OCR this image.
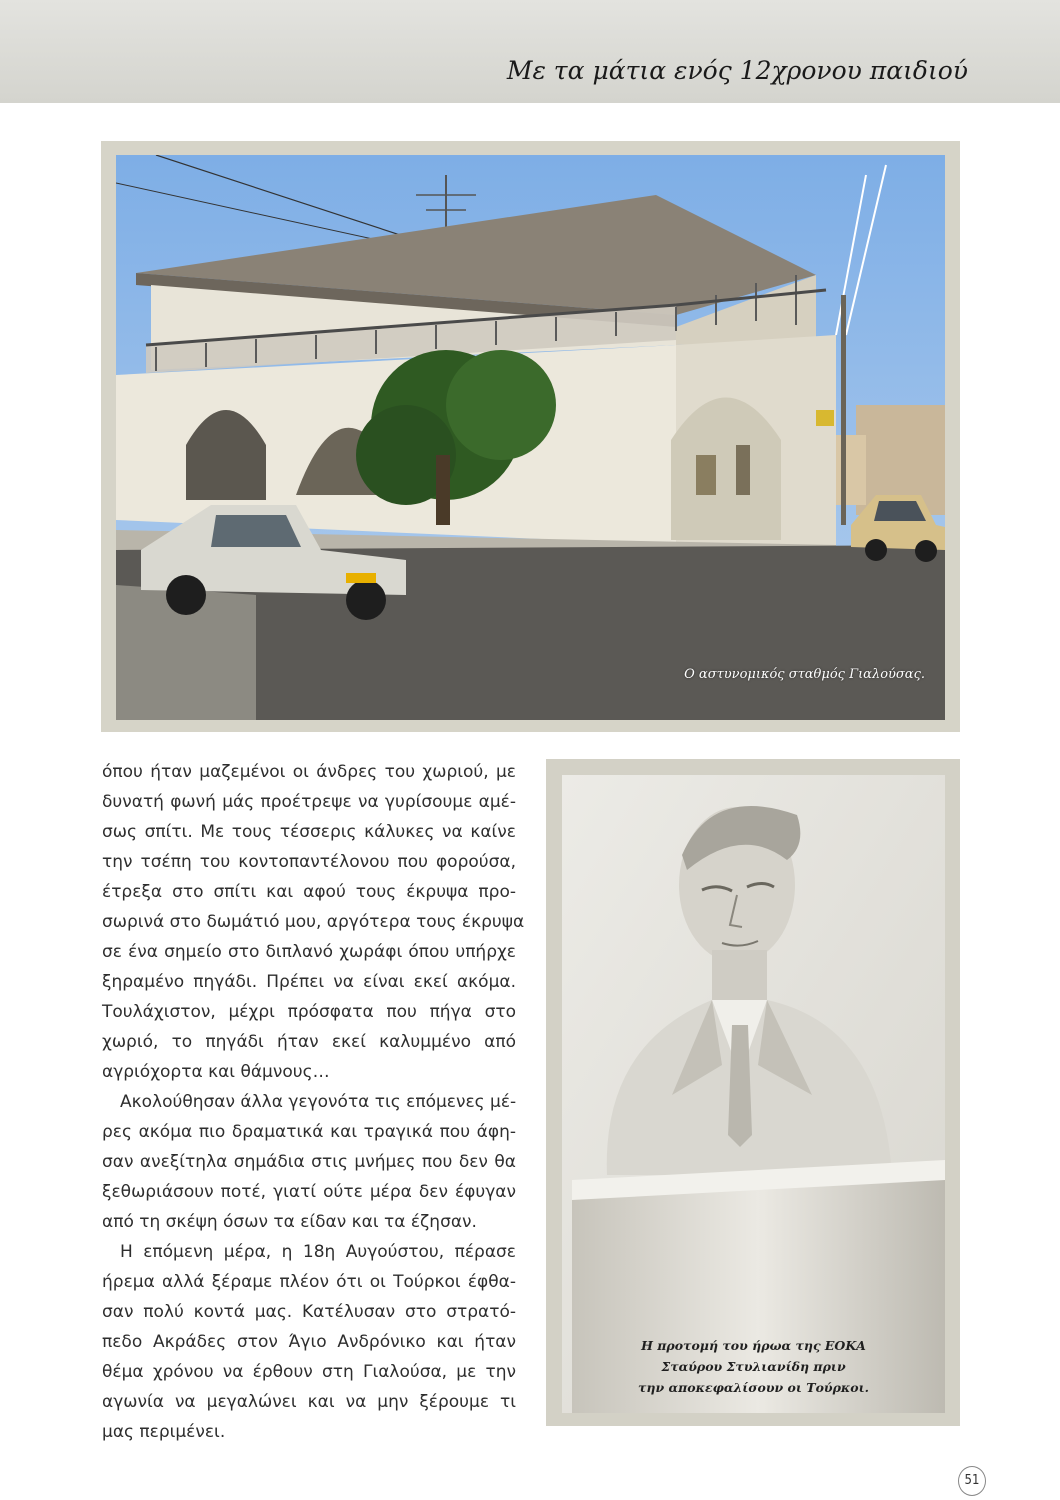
Με τα μάτια ενός 12χρονου παιδιού
Ο αστυνομικός σταθμός Γιαλούσας.
όπου ήταν μαζεμένοι οι άνδρες του χωριού, με
δυνατή φωνή μάς προέτρεψε να γυρίσουμε αμέ-
σως σπίτι. Με τους τέσσερις κάλυκες να καίνε
την τσέπη του κοντοπαντέλονου που φορούσα,
έτρεξα στο σπίτι και αφού τους έκρυψα προ-
σωρινά στο δωμάτιό μου, αργότερα τους έκρυψα
σε ένα σημείο στο διπλανό χωράφι όπου υπήρχε
ξηραμένο πηγάδι. Πρέπει να είναι εκεί ακόμα.
Τουλάχιστον, μέχρι πρόσφατα που πήγα στο
χωριό, το πηγάδι ήταν εκεί καλυμμένο από
αγριόχορτα και θάμνους…
Ακολούθησαν άλλα γεγονότα τις επόμενες μέ-
ρες ακόμα πιο δραματικά και τραγικά που άφη-
σαν ανεξίτηλα σημάδια στις μνήμες που δεν θα
ξεθωριάσουν ποτέ, γιατί ούτε μέρα δεν έφυγαν
από τη σκέψη όσων τα είδαν και τα έζησαν.
Η επόμενη μέρα, η 18η Αυγούστου, πέρασε
ήρεμα αλλά ξέραμε πλέον ότι οι Τούρκοι έφθα-
σαν πολύ κοντά μας. Κατέλυσαν στο στρατό-
πεδο Ακράδες στον Άγιο Ανδρόνικο και ήταν
θέμα χρόνου να έρθουν στη Γιαλούσα, με την
αγωνία να μεγαλώνει και να μην ξέρουμε τι
μας περιμένει.
Η προτομή του ήρωα της ΕΟΚΑ
Σταύρου Στυλιανίδη πριν
την αποκεφαλίσουν οι Τούρκοι.
51
